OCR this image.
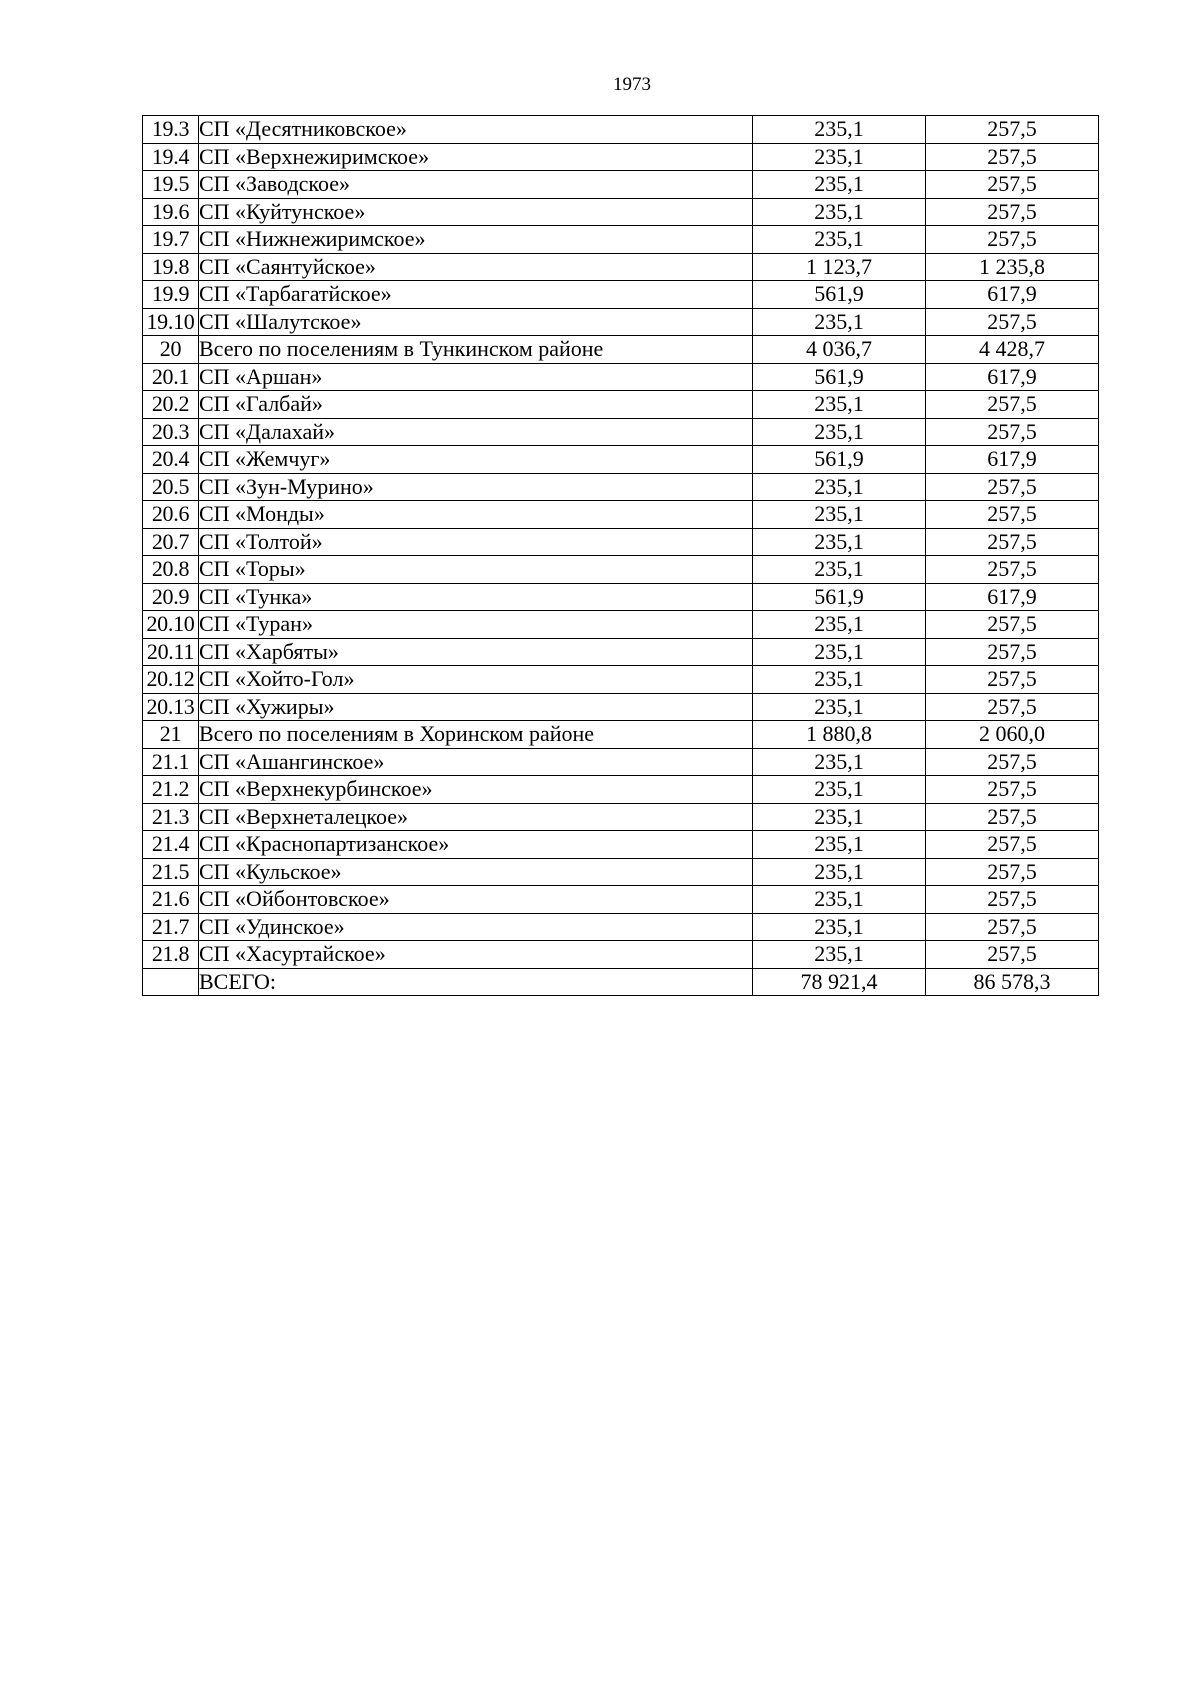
1973
19.3	СП «Десятниковское»	235,1	257,5
19.4	СП «Верхнежиримское»	235,1	257,5
19.5	СП «Заводское»	235,1	257,5
19.6	СП «Куйтунское»	235,1	257,5
19.7	СП «Нижнежиримское»	235,1	257,5
19.8	СП «Саянтуйское»	1 123,7	1 235,8
19.9	СП «Тарбагатйское»	561,9	617,9
19.10	СП «Шалутское»	235,1	257,5
20	Всего по поселениям в Тункинском районе	4 036,7	4 428,7
20.1	СП «Аршан»	561,9	617,9
20.2	СП «Галбай»	235,1	257,5
20.3	СП «Далахай»	235,1	257,5
20.4	СП «Жемчуг»	561,9	617,9
20.5	СП «Зун-Мурино»	235,1	257,5
20.6	СП «Монды»	235,1	257,5
20.7	СП «Толтой»	235,1	257,5
20.8	СП «Торы»	235,1	257,5
20.9	СП «Тунка»	561,9	617,9
20.10	СП «Туран»	235,1	257,5
20.11	СП «Харбяты»	235,1	257,5
20.12	СП «Хойто-Гол»	235,1	257,5
20.13	СП «Хужиры»	235,1	257,5
21	Всего по поселениям в Хоринском районе	1 880,8	2 060,0
21.1	СП «Ашангинское»	235,1	257,5
21.2	СП «Верхнекурбинское»	235,1	257,5
21.3	СП «Верхнеталецкое»	235,1	257,5
21.4	СП «Краснопартизанское»	235,1	257,5
21.5	СП «Кульское»	235,1	257,5
21.6	СП «Ойбонтовское»	235,1	257,5
21.7	СП «Удинское»	235,1	257,5
21.8	СП «Хасуртайское»	235,1	257,5
	ВСЕГО:	78 921,4	86 578,3
